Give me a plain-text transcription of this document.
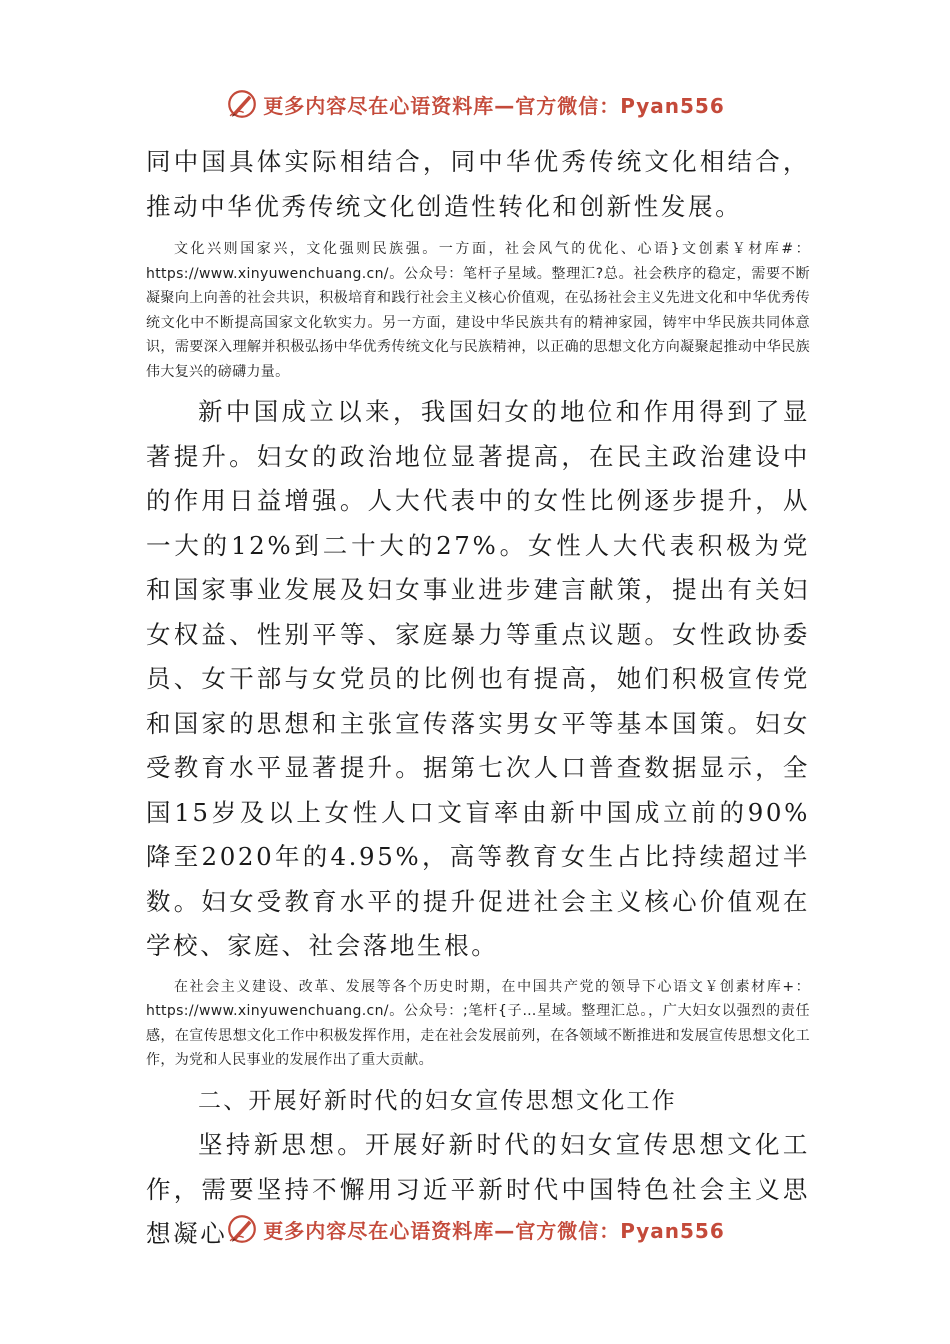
更多内容尽在心语资料库—官方微信：Pyan556

同中国具体实际相结合，同中华优秀传统文化相结合，推动中华优秀传统文化创造性转化和创新性发展。

文化兴则国家兴，文化强则民族强。一方面，社会风气的优化、心语}文创素￥材库#：https://www.xinyuwenchuang.cn/。公众号：笔杆子星域。整理汇?总。社会秩序的稳定，需要不断凝聚向上向善的社会共识，积极培育和践行社会主义核心价值观，在弘扬社会主义先进文化和中华优秀传统文化中不断提高国家文化软实力。另一方面，建设中华民族共有的精神家园，铸牢中华民族共同体意识，需要深入理解并积极弘扬中华优秀传统文化与民族精神，以正确的思想文化方向凝聚起推动中华民族伟大复兴的磅礴力量。

新中国成立以来，我国妇女的地位和作用得到了显著提升。妇女的政治地位显著提高，在民主政治建设中的作用日益增强。人大代表中的女性比例逐步提升，从一大的12%到二十大的27%。女性人大代表积极为党和国家事业发展及妇女事业进步建言献策，提出有关妇女权益、性别平等、家庭暴力等重点议题。女性政协委员、女干部与女党员的比例也有提高，她们积极宣传党和国家的思想和主张宣传落实男女平等基本国策。妇女受教育水平显著提升。据第七次人口普查数据显示，全国15岁及以上女性人口文盲率由新中国成立前的90%降至2020年的4.95%，高等教育女生占比持续超过半数。妇女受教育水平的提升促进社会主义核心价值观在学校、家庭、社会落地生根。

在社会主义建设、改革、发展等各个历史时期，在中国共产党的领导下心语文￥创素材库+：https://www.xinyuwenchuang.cn/。公众号：;笔杆{子…星域。整理汇总。，广大妇女以强烈的责任感，在宣传思想文化工作中积极发挥作用，走在社会发展前列，在各领域不断推进和发展宣传思想文化工作，为党和人民事业的发展作出了重大贡献。

二、开展好新时代的妇女宣传思想文化工作

坚持新思想。开展好新时代的妇女宣传思想文化工作，需要坚持不懈用习近平新时代中国特色社会主义思想凝心	更多内容尽在心语资料库—官方微信：Pyan556
